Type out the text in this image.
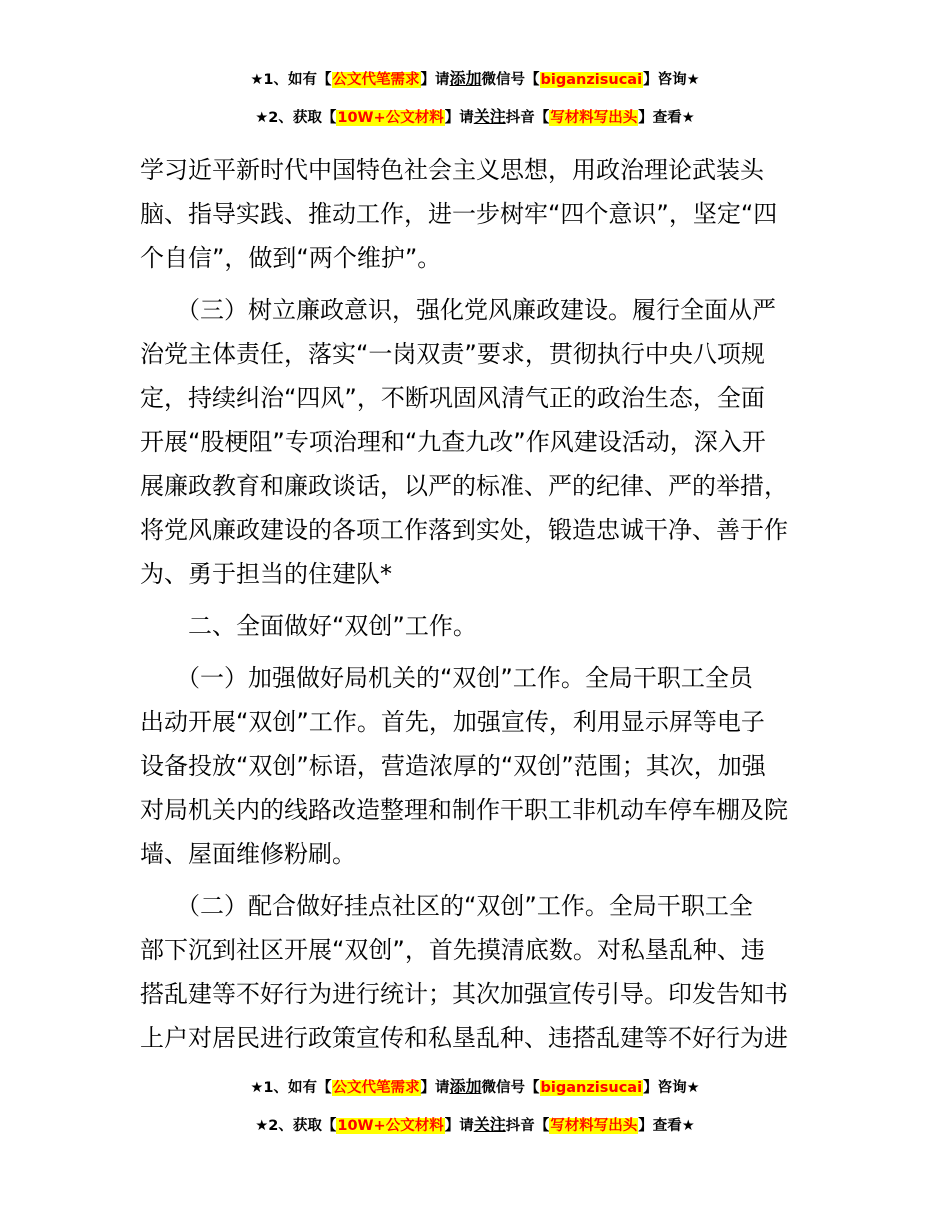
★1、如有【公文代笔需求】请添加微信号【biganzisucai】咨询★
★2、获取【10W+公文材料】请关注抖音【写材料写出头】查看★
学习近平新时代中国特色社会主义思想，用政治理论武装头
脑、指导实践、推动工作，进一步树牢“四个意识”，坚定“四
个自信”，做到“两个维护”。
　　（三）树立廉政意识，强化党风廉政建设。履行全面从严
治党主体责任，落实“一岗双责”要求，贯彻执行中央八项规
定，持续纠治“四风”，不断巩固风清气正的政治生态，全面
开展“股梗阻”专项治理和“九查九改”作风建设活动，深入开
展廉政教育和廉政谈话，以严的标准、严的纪律、严的举措，
将党风廉政建设的各项工作落到实处，锻造忠诚干净、善于作
为、勇于担当的住建队*
　　二、全面做好“双创”工作。
　　（一）加强做好局机关的“双创”工作。全局干职工全员
出动开展“双创”工作。首先，加强宣传，利用显示屏等电子
设备投放“双创”标语，营造浓厚的“双创”范围；其次，加强
对局机关内的线路改造整理和制作干职工非机动车停车棚及院
墙、屋面维修粉刷。
　　（二）配合做好挂点社区的“双创”工作。全局干职工全
部下沉到社区开展“双创”，首先摸清底数。对私垦乱种、违
搭乱建等不好行为进行统计；其次加强宣传引导。印发告知书
上户对居民进行政策宣传和私垦乱种、违搭乱建等不好行为进
★1、如有【公文代笔需求】请添加微信号【biganzisucai】咨询★
★2、获取【10W+公文材料】请关注抖音【写材料写出头】查看★
